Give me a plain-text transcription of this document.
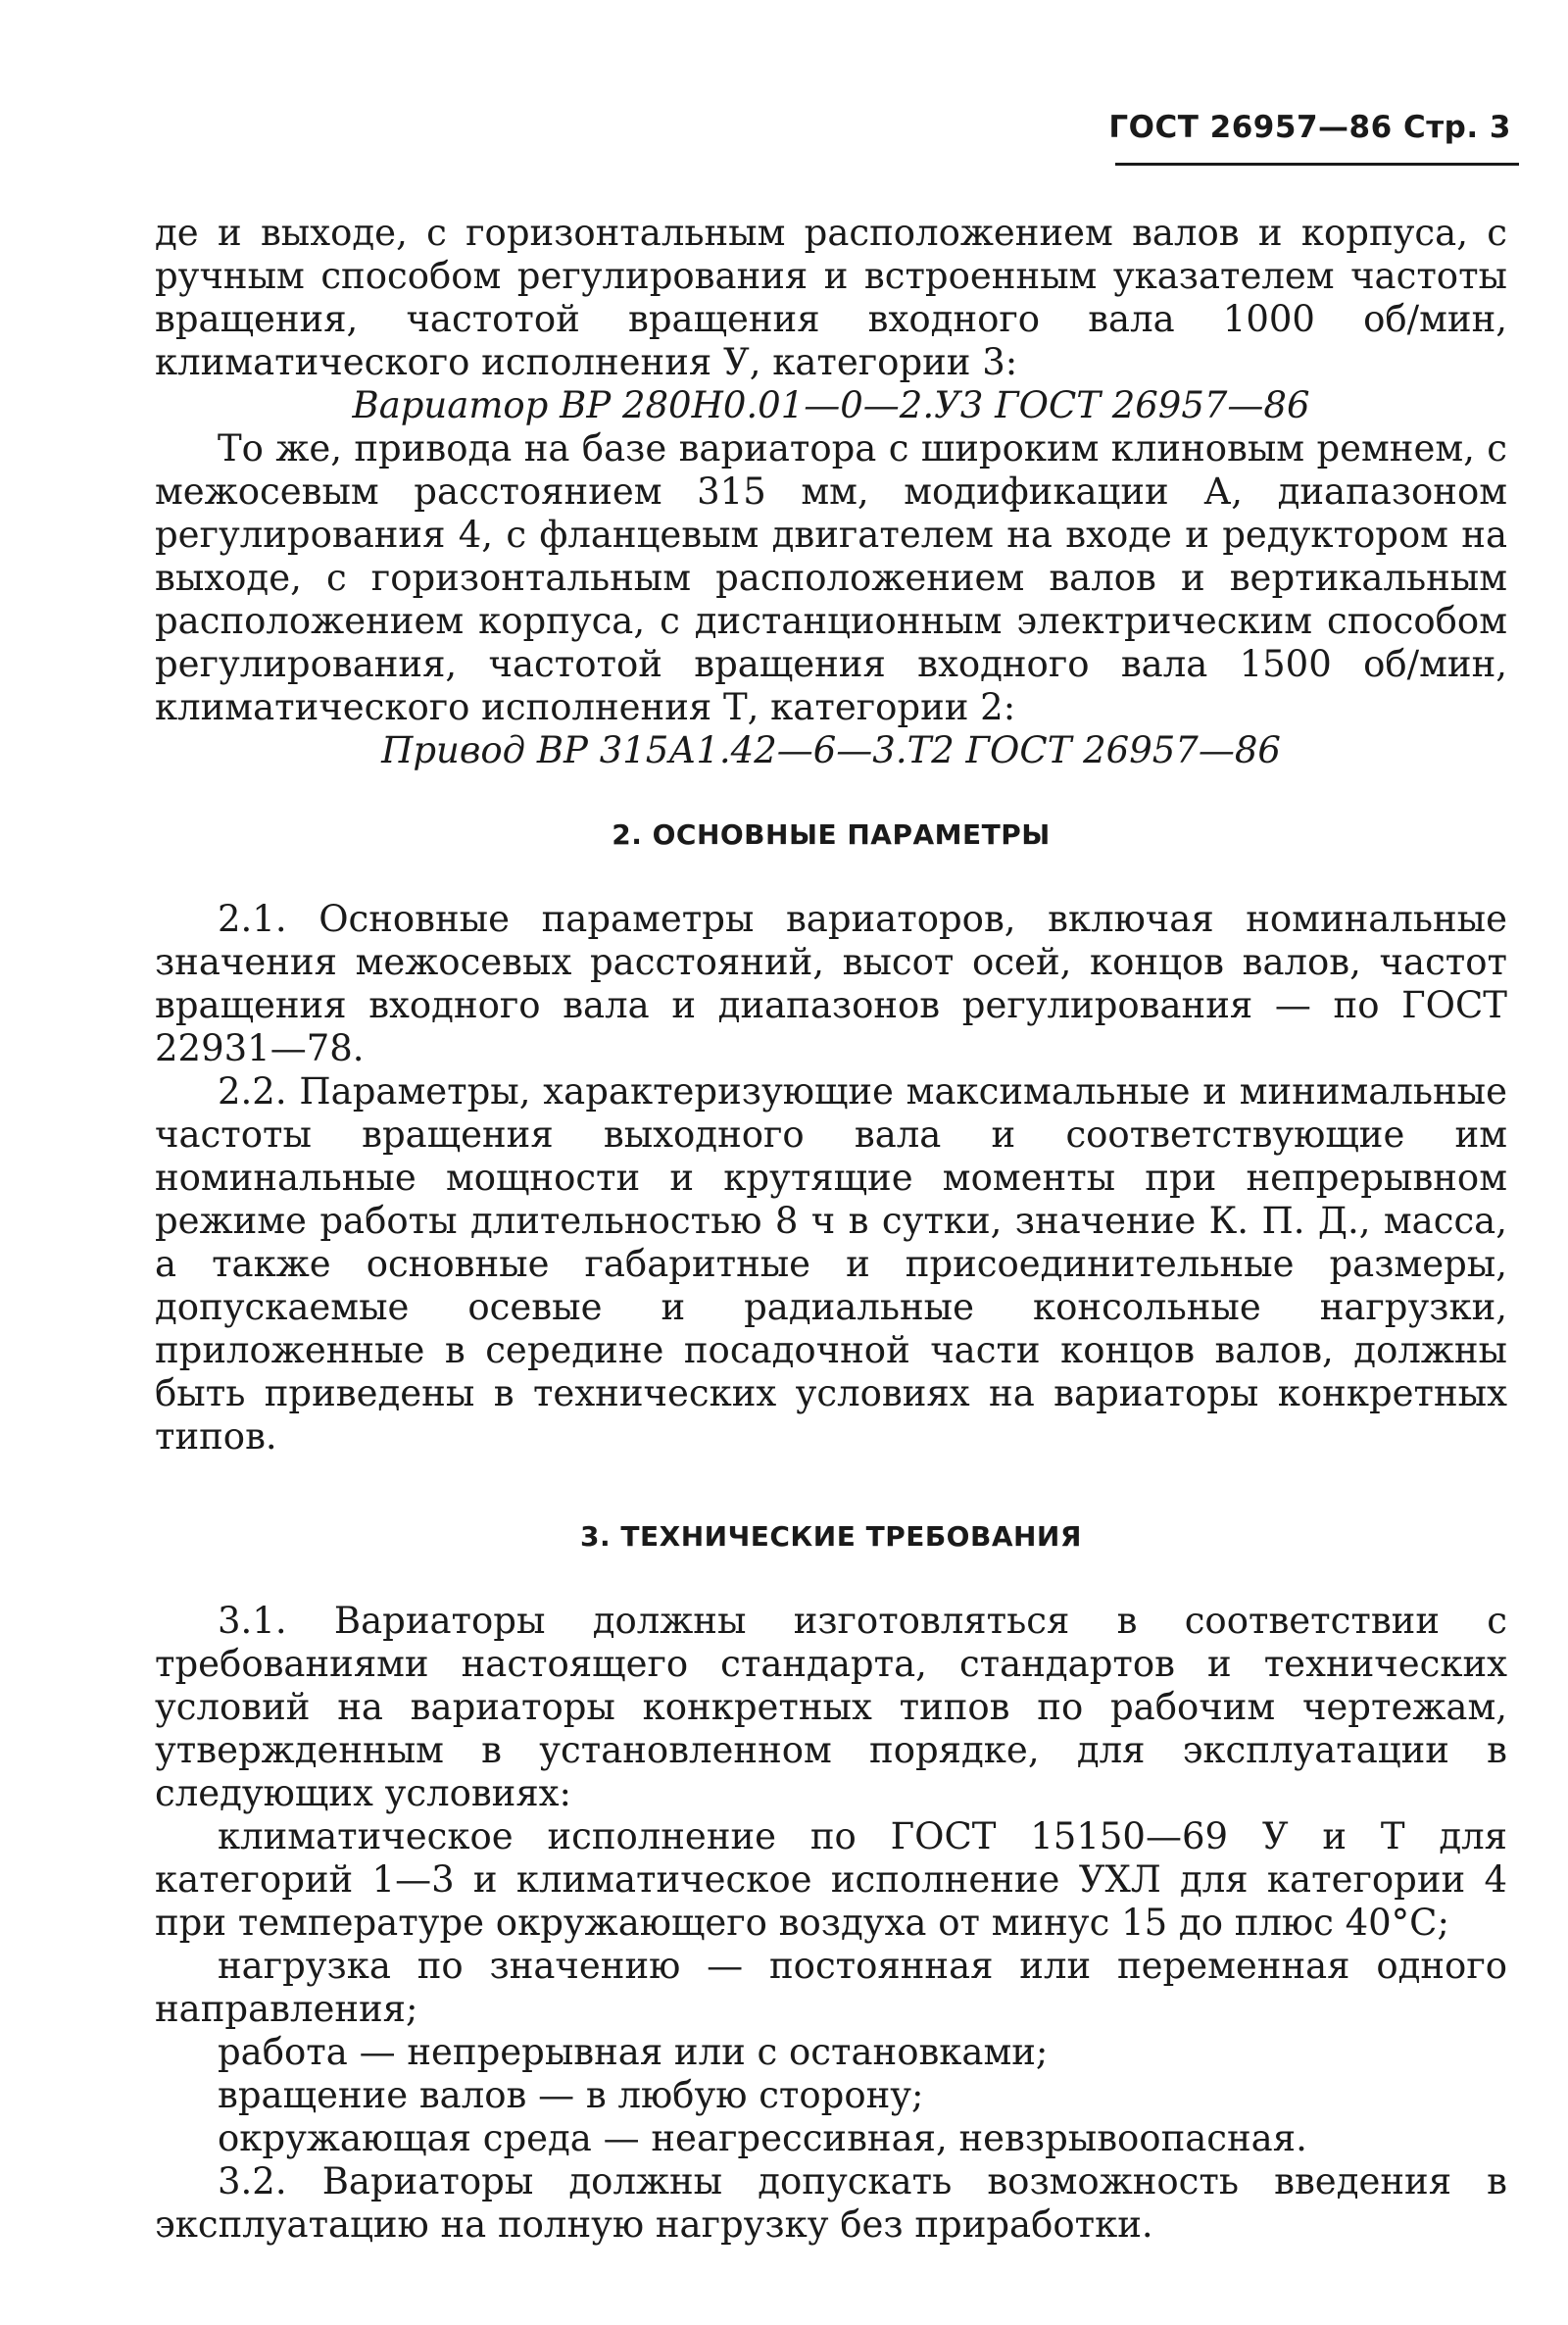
ГОСТ 26957—86 Стр. 3

де и выходе, с горизонтальным расположением валов и корпуса, с ручным способом регулирования и встроенным указателем частоты вращения, частотой вращения входного вала 1000 об/мин, климатического исполнения У, категории 3:

Вариатор ВР 280Н0.01—0—2.У3 ГОСТ 26957—86

То же, привода на базе вариатора с широким клиновым ремнем, с межосевым расстоянием 315 мм, модификации А, диапазоном регулирования 4, с фланцевым двигателем на входе и редуктором на выходе, с горизонтальным расположением валов и вертикальным расположением корпуса, с дистанционным электрическим способом регулирования, частотой вращения входного вала 1500 об/мин, климатического исполнения Т, категории 2:

Привод ВР 315А1.42—6—3.Т2 ГОСТ 26957—86

2. ОСНОВНЫЕ ПАРАМЕТРЫ

2.1. Основные параметры вариаторов, включая номинальные значения межосевых расстояний, высот осей, концов валов, частот вращения входного вала и диапазонов регулирования — по ГОСТ 22931—78.

2.2. Параметры, характеризующие максимальные и минимальные частоты вращения выходного вала и соответствующие им номинальные мощности и крутящие моменты при непрерывном режиме работы длительностью 8 ч в сутки, значение К. П. Д., масса, а также основные габаритные и присоединительные размеры, допускаемые осевые и радиальные консольные нагрузки, приложенные в середине посадочной части концов валов, должны быть приведены в технических условиях на вариаторы конкретных типов.

3. ТЕХНИЧЕСКИЕ ТРЕБОВАНИЯ

3.1. Вариаторы должны изготовляться в соответствии с требованиями настоящего стандарта, стандартов и технических условий на вариаторы конкретных типов по рабочим чертежам, утвержденным в установленном порядке, для эксплуатации в следующих условиях:

климатическое исполнение по ГОСТ 15150—69 У и Т для категорий 1—3 и климатическое исполнение УХЛ для категории 4 при температуре окружающего воздуха от минус 15 до плюс 40°С;

нагрузка по значению — постоянная или переменная одного направления;

работа — непрерывная или с остановками;

вращение валов — в любую сторону;

окружающая среда — неагрессивная, невзрывоопасная.

3.2. Вариаторы должны допускать возможность введения в эксплуатацию на полную нагрузку без приработки.
